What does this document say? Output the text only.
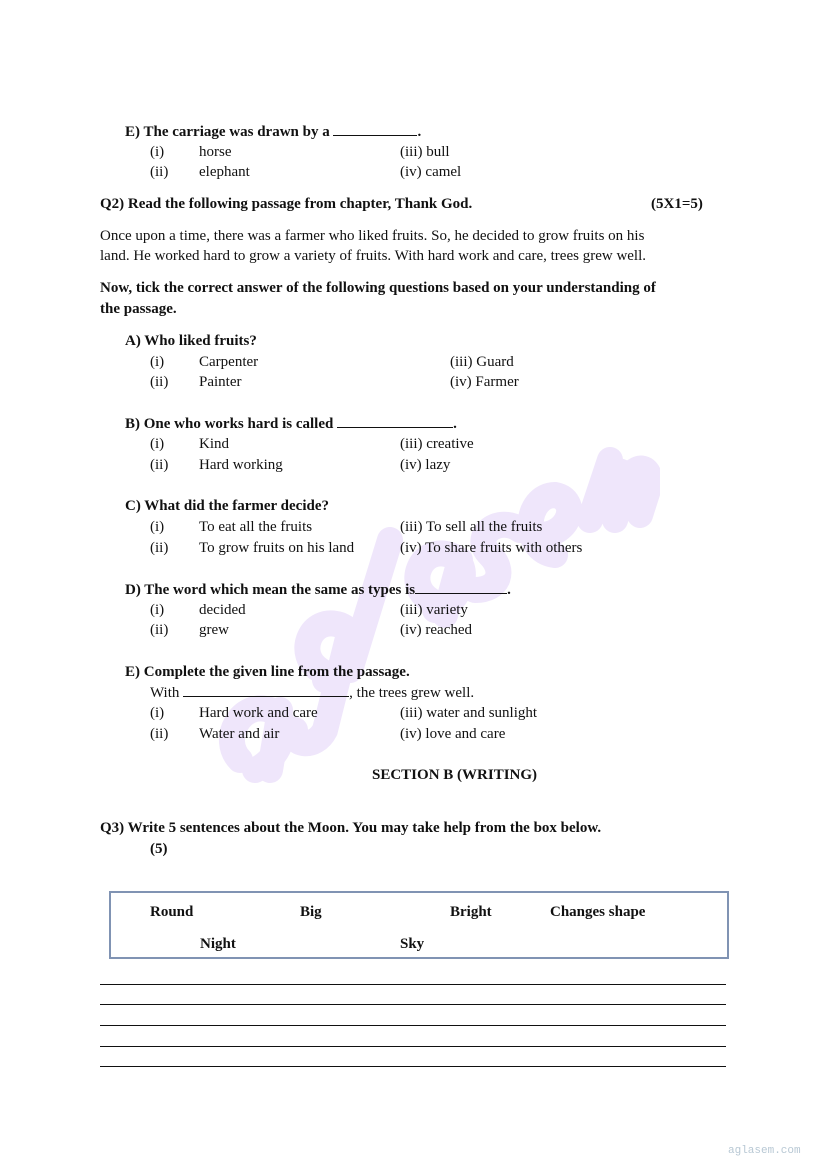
E) The carriage was drawn by a	.
(i) horse	(iii) bull
(ii) elephant	(iv) camel
Q2) Read the following passage from chapter, Thank God.	(5X1=5)
Once upon a time, there was a farmer who liked fruits. So, he decided to grow fruits on his
land. He worked hard to grow a variety of fruits. With hard work and care, trees grew well.
Now, tick the correct answer of the following questions based on your understanding of
the passage.
A) Who liked fruits?
(i) Carpenter	(iii) Guard
(ii) Painter	(iv) Farmer
B) One who works hard is called	.
(i) Kind	(iii) creative
(ii) Hard working	(iv) lazy
C) What did the farmer decide?
(i) To eat all the fruits	(iii) To sell all the fruits
(ii) To grow fruits on his land	(iv) To share fruits with others
D) The word which mean the same as types is	.
(i) decided	(iii) variety
(ii) grew	(iv) reached
E) Complete the given line from the passage.
With	, the trees grew well.
(i) Hard work and care	(iii) water and sunlight
(ii) Water and air	(iv) love and care
SECTION B (WRITING)
Q3) Write 5 sentences about the Moon. You may take help from the box below.
(5)
Round	Big	Bright	Changes shape
Night	Sky
aglasem.com
